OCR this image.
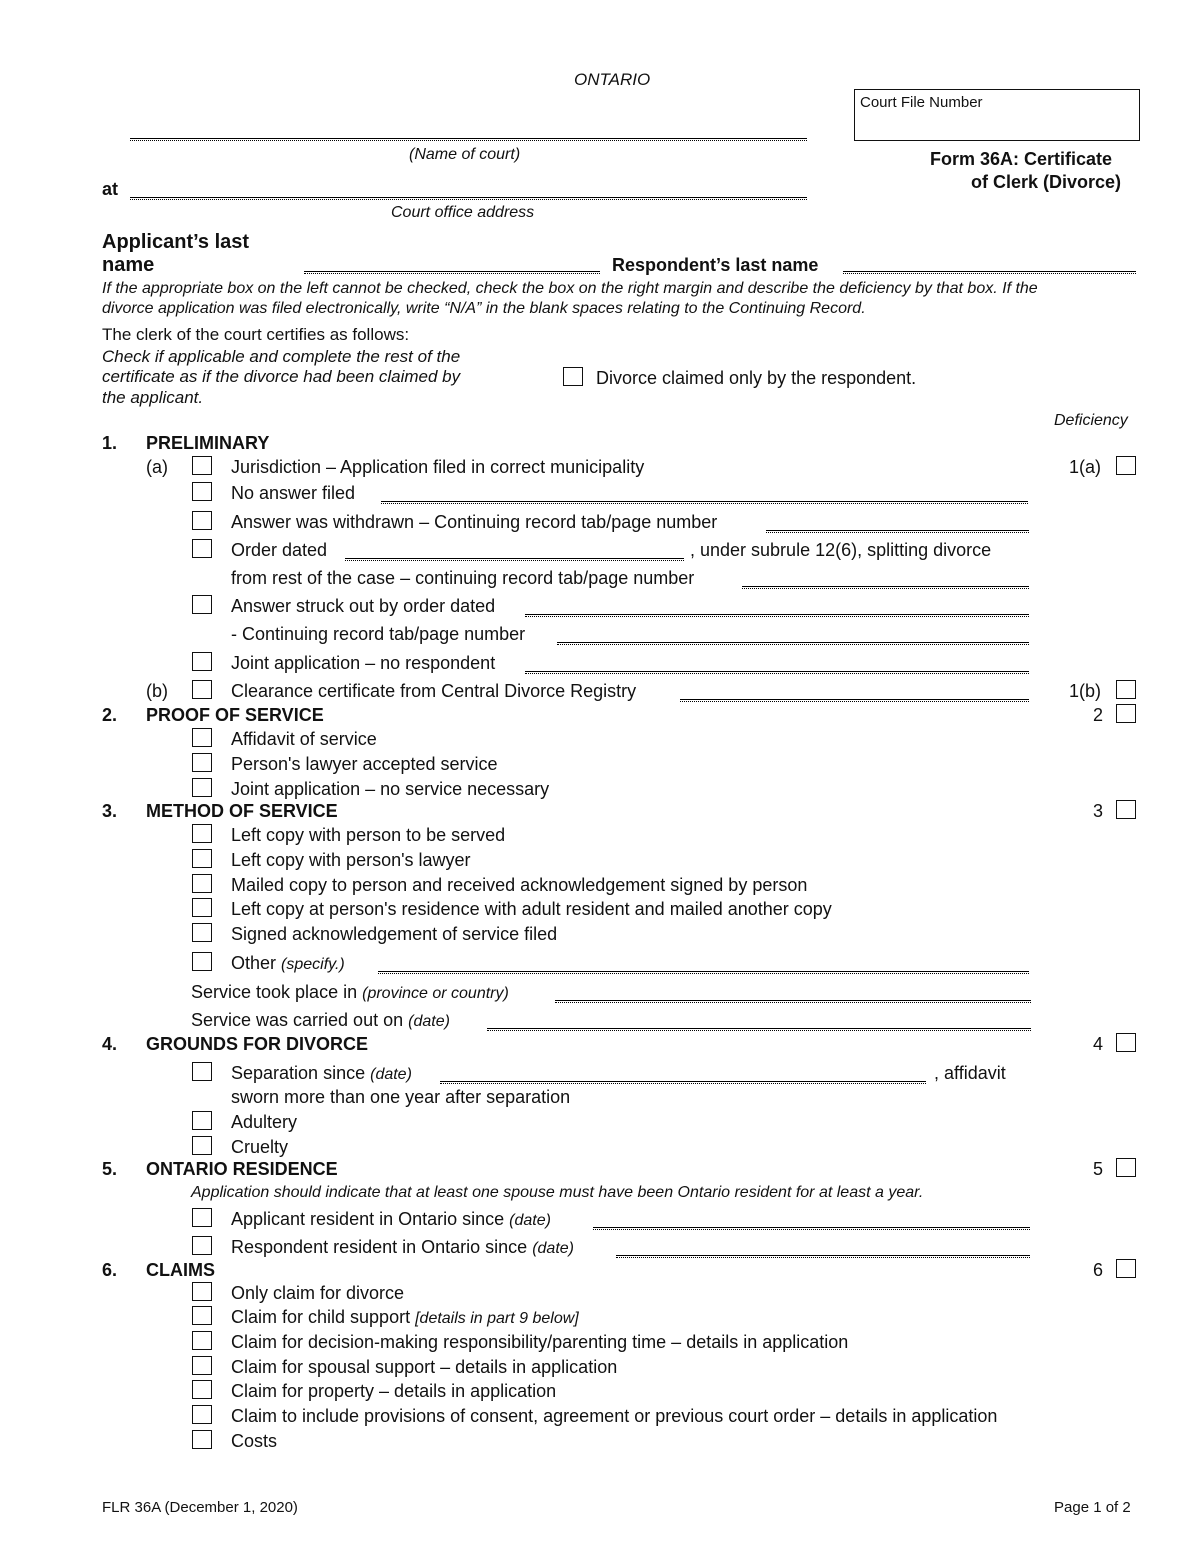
ONTARIO
Court File Number
(Name of court)	Form 36A: Certificate
of Clerk (Divorce)
at
Court office address
Applicant’s last
name	Respondent’s last name
If the appropriate box on the left cannot be checked, check the box on the right margin and describe the deficiency by that box. If the
divorce application was filed electronically, write “N/A” in the blank spaces relating to the Continuing Record.
The clerk of the court certifies as follows:
Check if applicable and complete the rest of the
certificate as if the divorce had been claimed by
the applicant.
Divorce claimed only by the respondent.
Deficiency
1. PRELIMINARY
(a)	Jurisdiction – Application filed in correct municipality	1(a)
No answer filed
Answer was withdrawn – Continuing record tab/page number
Order dated	, under subrule 12(6), splitting divorce
from rest of the case – continuing record tab/page number
Answer struck out by order dated
- Continuing record tab/page number
Joint application – no respondent
(b)	Clearance certificate from Central Divorce Registry	1(b)
2. PROOF OF SERVICE	2
Affidavit of service
Person's lawyer accepted service
Joint application – no service necessary
3. METHOD OF SERVICE	3
Left copy with person to be served
Left copy with person's lawyer
Mailed copy to person and received acknowledgement signed by person
Left copy at person's residence with adult resident and mailed another copy
Signed acknowledgement of service filed
Other (specify.)
Service took place in (province or country)
Service was carried out on (date)
4. GROUNDS FOR DIVORCE	4
Separation since (date)	, affidavit
sworn more than one year after separation
Adultery
Cruelty
5. ONTARIO RESIDENCE	5
Application should indicate that at least one spouse must have been Ontario resident for at least a year.
Applicant resident in Ontario since (date)
Respondent resident in Ontario since (date)
6. CLAIMS	6
Only claim for divorce
Claim for child support [details in part 9 below]
Claim for decision-making responsibility/parenting time – details in application
Claim for spousal support – details in application
Claim for property – details in application
Claim to include provisions of consent, agreement or previous court order – details in application
Costs
FLR 36A (December 1, 2020)	Page 1 of 2
